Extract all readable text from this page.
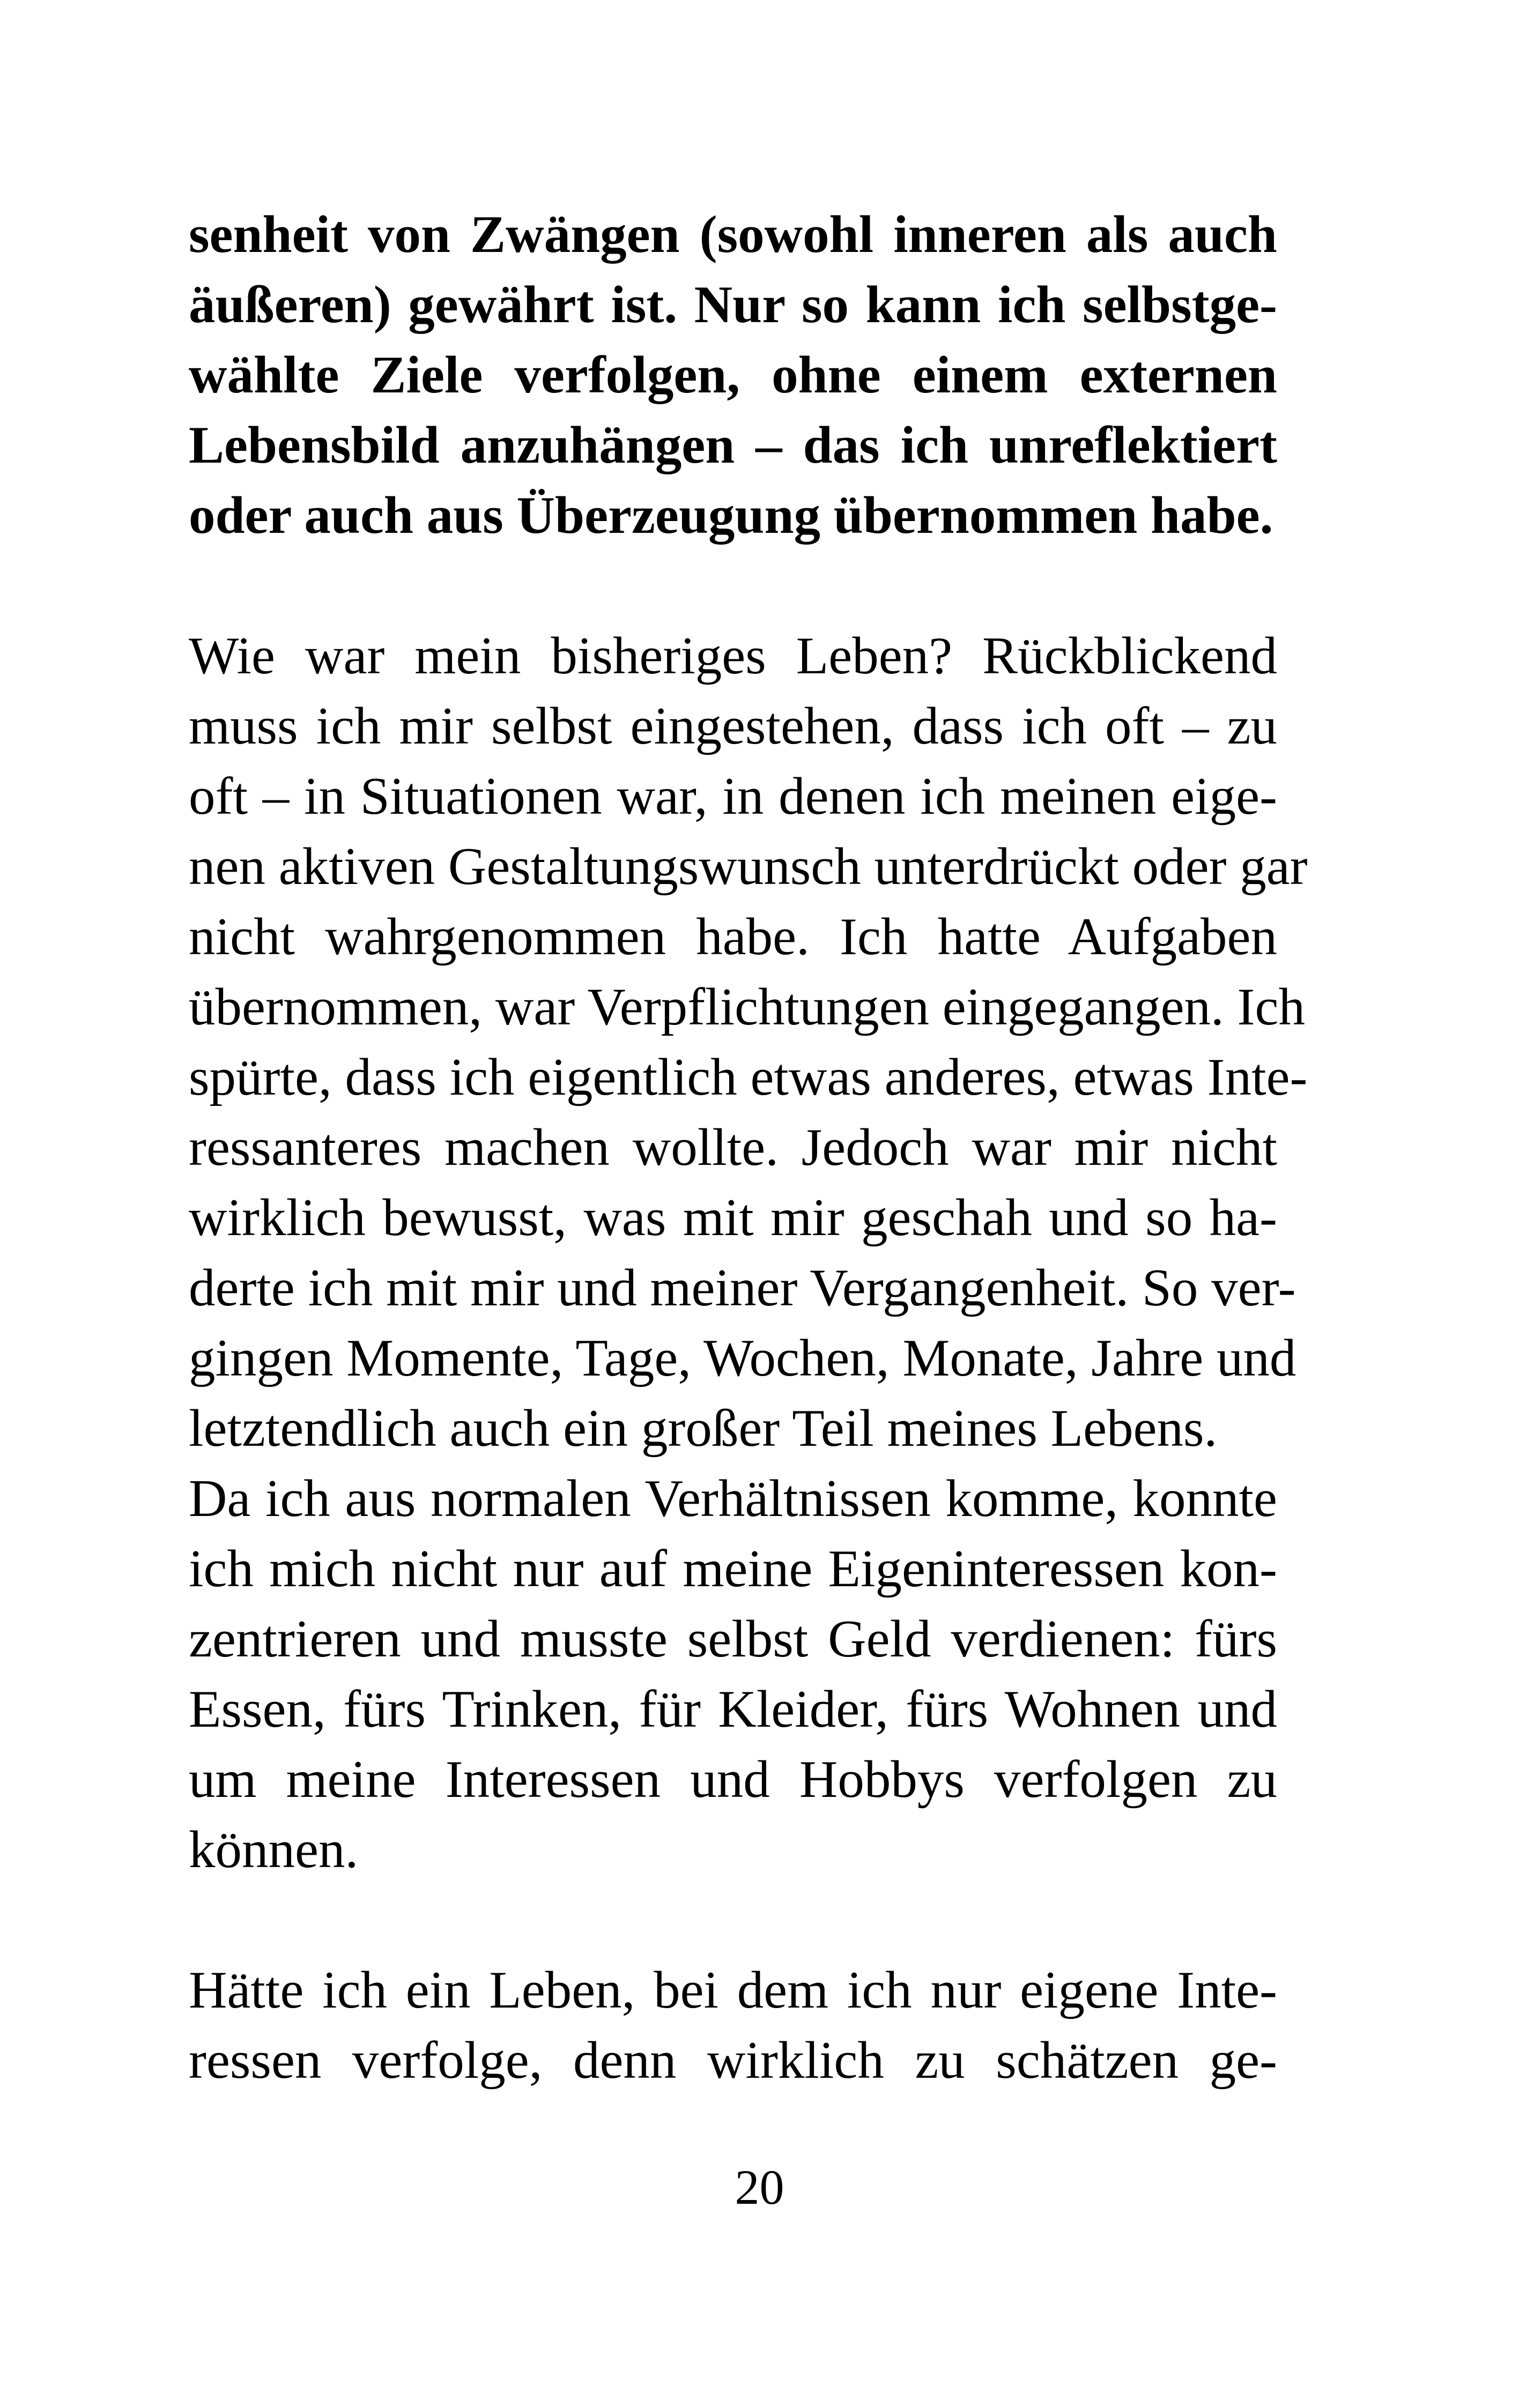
senheit von Zwängen (sowohl inneren als auch
äußeren) gewährt ist. Nur so kann ich selbstge-
wählte Ziele verfolgen, ohne einem externen
Lebensbild anzuhängen – das ich unreflektiert
oder auch aus Überzeugung übernommen habe.
Wie war mein bisheriges Leben? Rückblickend
muss ich mir selbst eingestehen, dass ich oft – zu
oft – in Situationen war, in denen ich meinen eige-
nen aktiven Gestaltungswunsch unterdrückt oder gar
nicht wahrgenommen habe. Ich hatte Aufgaben
übernommen, war Verpflichtungen eingegangen. Ich
spürte, dass ich eigentlich etwas anderes, etwas Inte-
ressanteres machen wollte. Jedoch war mir nicht
wirklich bewusst, was mit mir geschah und so ha-
derte ich mit mir und meiner Vergangenheit. So ver-
gingen Momente, Tage, Wochen, Monate, Jahre und
letztendlich auch ein großer Teil meines Lebens.
Da ich aus normalen Verhältnissen komme, konnte
ich mich nicht nur auf meine Eigeninteressen kon-
zentrieren und musste selbst Geld verdienen: fürs
Essen, fürs Trinken, für Kleider, fürs Wohnen und
um meine Interessen und Hobbys verfolgen zu
können.
Hätte ich ein Leben, bei dem ich nur eigene Inte-
ressen verfolge, denn wirklich zu schätzen ge-
20
